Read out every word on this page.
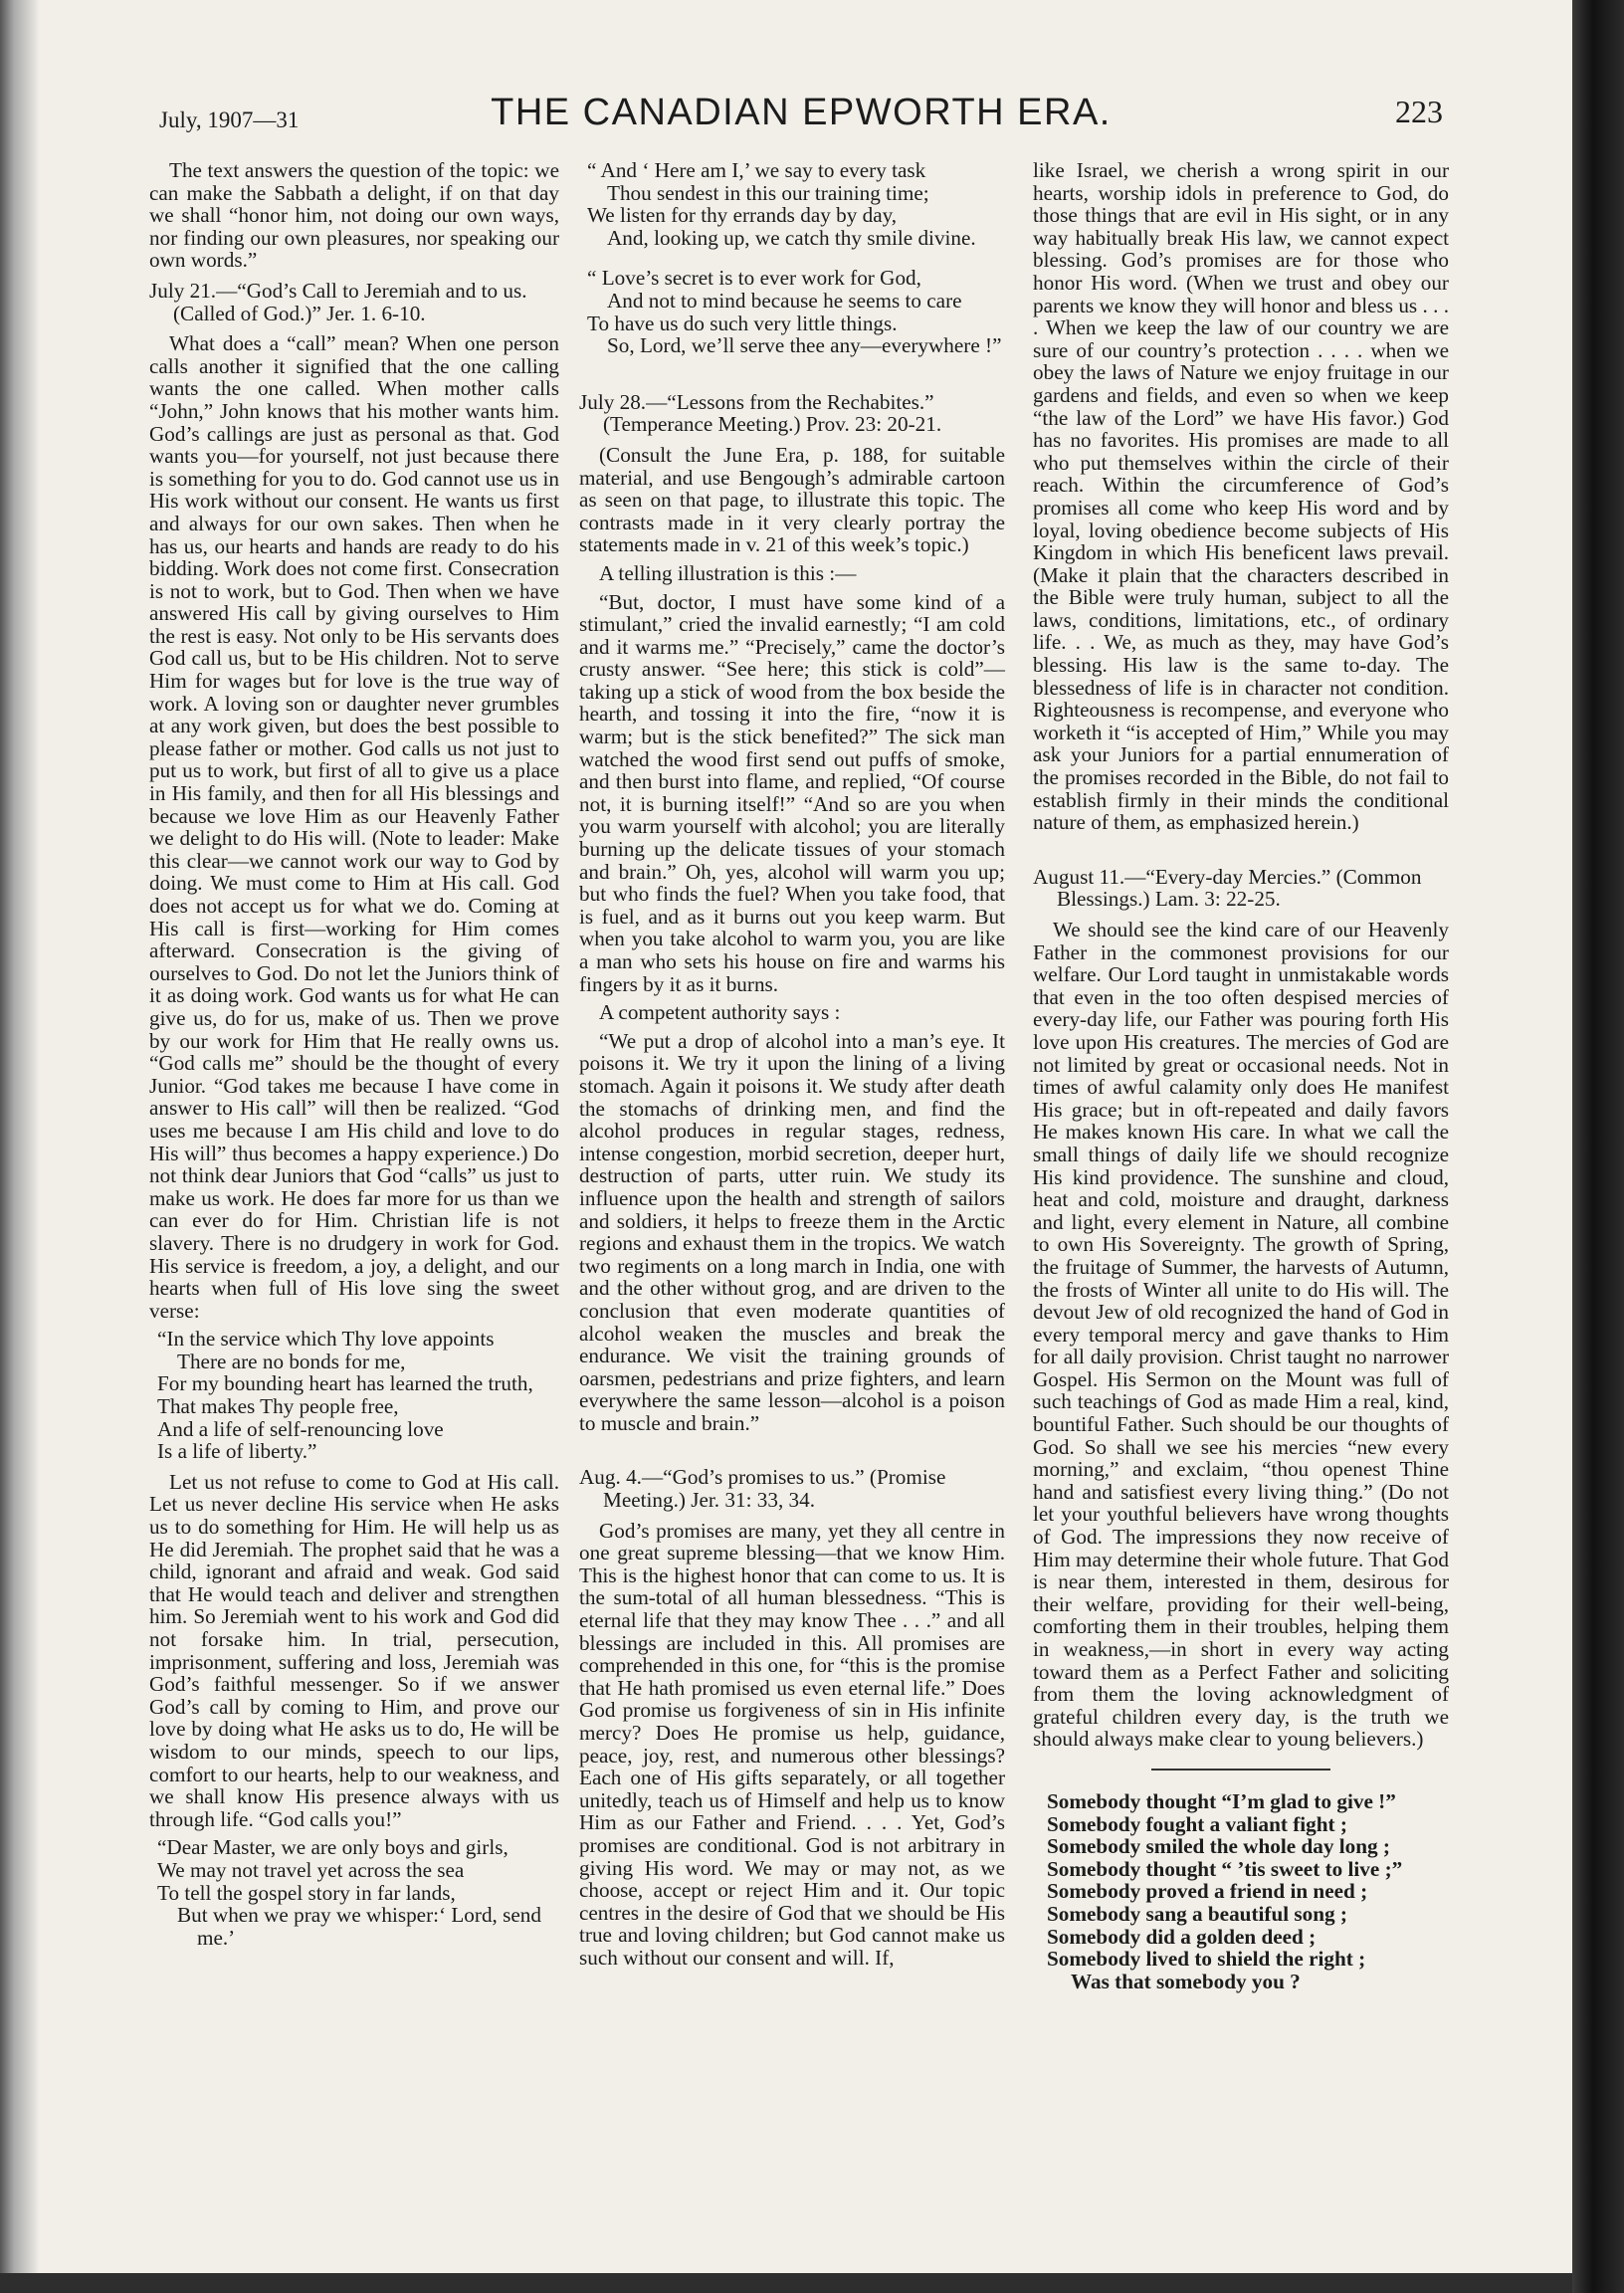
July, 1907—31	THE CANADIAN EPWORTH ERA.	223

The text answers the question of the topic: we can make the Sabbath a delight, if on that day we shall “honor him, not doing our own ways, nor finding our own pleasures, nor speaking our own words.”

July 21.—“God’s Call to Jeremiah and to us. (Called of God.)” Jer. 1. 6-10.

What does a “call” mean? When one person calls another it signified that the one calling wants the one called. When mother calls “John,” John knows that his mother wants him. God’s callings are just as personal as that. God wants you—for yourself, not just because there is something for you to do. God cannot use us in His work without our consent. He wants us first and always for our own sakes. Then when he has us, our hearts and hands are ready to do his bidding. Work does not come first. Consecration is not to work, but to God. Then when we have answered His call by giving ourselves to Him the rest is easy. Not only to be His servants does God call us, but to be His children. Not to serve Him for wages but for love is the true way of work. A loving son or daughter never grumbles at any work given, but does the best possible to please father or mother. God calls us not just to put us to work, but first of all to give us a place in His family, and then for all His blessings and because we love Him as our Heavenly Father we delight to do His will. (Note to leader: Make this clear—we cannot work our way to God by doing. We must come to Him at His call. God does not accept us for what we do. Coming at His call is first—working for Him comes afterward. Consecration is the giving of ourselves to God. Do not let the Juniors think of it as doing work. God wants us for what He can give us, do for us, make of us. Then we prove by our work for Him that He really owns us. “God calls me” should be the thought of every Junior. “God takes me because I have come in answer to His call” will then be realized. “God uses me because I am His child and love to do His will” thus becomes a happy experience.) Do not think dear Juniors that God “calls” us just to make us work. He does far more for us than we can ever do for Him. Christian life is not slavery. There is no drudgery in work for God. His service is freedom, a joy, a delight, and our hearts when full of His love sing the sweet verse:

“In the service which Thy love appoints
There are no bonds for me,
For my bounding heart has learned the truth,
That makes Thy people free,
And a life of self-renouncing love
Is a life of liberty.”

Let us not refuse to come to God at His call. Let us never decline His service when He asks us to do something for Him. He will help us as He did Jeremiah. The prophet said that he was a child, ignorant and afraid and weak. God said that He would teach and deliver and strengthen him. So Jeremiah went to his work and God did not forsake him. In trial, persecution, imprisonment, suffering and loss, Jeremiah was God’s faithful messenger. So if we answer God’s call by coming to Him, and prove our love by doing what He asks us to do, He will be wisdom to our minds, speech to our lips, comfort to our hearts, help to our weakness, and we shall know His presence always with us through life. “God calls you!”

“Dear Master, we are only boys and girls,
We may not travel yet across the sea
To tell the gospel story in far lands,
But when we pray we whisper:‘ Lord, send me.’
“ And ‘ Here am I,’ we say to every task
Thou sendest in this our training time;
We listen for thy errands day by day,
And, looking up, we catch thy smile divine.
“ Love’s secret is to ever work for God,
And not to mind because he seems to care
To have us do such very little things.
So, Lord, we’ll serve thee any—everywhere !”
July 28.—“Lessons from the Rechabites.” (Temperance Meeting.) Prov. 23: 20-21.

(Consult the June Era, p. 188, for suitable material, and use Bengough’s admirable cartoon as seen on that page, to illustrate this topic. The contrasts made in it very clearly portray the statements made in v. 21 of this week’s topic.)

A telling illustration is this :—

“But, doctor, I must have some kind of a stimulant,” cried the invalid earnestly; “I am cold and it warms me.” “Precisely,” came the doctor’s crusty answer. “See here; this stick is cold”—taking up a stick of wood from the box beside the hearth, and tossing it into the fire, “now it is warm; but is the stick benefited?” The sick man watched the wood first send out puffs of smoke, and then burst into flame, and replied, “Of course not, it is burning itself!” “And so are you when you warm yourself with alcohol; you are literally burning up the delicate tissues of your stomach and brain.” Oh, yes, alcohol will warm you up; but who finds the fuel? When you take food, that is fuel, and as it burns out you keep warm. But when you take alcohol to warm you, you are like a man who sets his house on fire and warms his fingers by it as it burns.

A competent authority says :

“We put a drop of alcohol into a man’s eye. It poisons it. We try it upon the lining of a living stomach. Again it poisons it. We study after death the stomachs of drinking men, and find the alcohol produces in regular stages, redness, intense congestion, morbid secretion, deeper hurt, destruction of parts, utter ruin. We study its influence upon the health and strength of sailors and soldiers, it helps to freeze them in the Arctic regions and exhaust them in the tropics. We watch two regiments on a long march in India, one with and the other without grog, and are driven to the conclusion that even moderate quantities of alcohol weaken the muscles and break the endurance. We visit the training grounds of oarsmen, pedestrians and prize fighters, and learn everywhere the same lesson—alcohol is a poison to muscle and brain.”

Aug. 4.—“God’s promises to us.” (Promise Meeting.) Jer. 31: 33, 34.

God’s promises are many, yet they all centre in one great supreme blessing—that we know Him. This is the highest honor that can come to us. It is the sum-total of all human blessedness. “This is eternal life that they may know Thee . . .” and all blessings are included in this. All promises are comprehended in this one, for “this is the promise that He hath promised us even eternal life.” Does God promise us forgiveness of sin in His infinite mercy? Does He promise us help, guidance, peace, joy, rest, and numerous other blessings? Each one of His gifts separately, or all together unitedly, teach us of Himself and help us to know Him as our Father and Friend. . . . Yet, God’s promises are conditional. God is not arbitrary in giving His word. We may or may not, as we choose, accept or reject Him and it. Our topic centres in the desire of God that we should be His true and loving children; but God cannot make us such without our consent and will. If,

like Israel, we cherish a wrong spirit in our hearts, worship idols in preference to God, do those things that are evil in His sight, or in any way habitually break His law, we cannot expect blessing. God’s promises are for those who honor His word. (When we trust and obey our parents we know they will honor and bless us . . . . When we keep the law of our country we are sure of our country’s protection . . . . when we obey the laws of Nature we enjoy fruitage in our gardens and fields, and even so when we keep “the law of the Lord” we have His favor.) God has no favorites. His promises are made to all who put themselves within the circle of their reach. Within the circumference of God’s promises all come who keep His word and by loyal, loving obedience become subjects of His Kingdom in which His beneficent laws prevail. (Make it plain that the characters described in the Bible were truly human, subject to all the laws, conditions, limitations, etc., of ordinary life. . . We, as much as they, may have God’s blessing. His law is the same to-day. The blessedness of life is in character not condition. Righteousness is recompense, and everyone who worketh it “is accepted of Him,” While you may ask your Juniors for a partial ennumeration of the promises recorded in the Bible, do not fail to establish firmly in their minds the conditional nature of them, as emphasized herein.)

August 11.—“Every-day Mercies.” (Common Blessings.) Lam. 3: 22-25.

We should see the kind care of our Heavenly Father in the commonest provisions for our welfare. Our Lord taught in unmistakable words that even in the too often despised mercies of every-day life, our Father was pouring forth His love upon His creatures. The mercies of God are not limited by great or occasional needs. Not in times of awful calamity only does He manifest His grace; but in oft-repeated and daily favors He makes known His care. In what we call the small things of daily life we should recognize His kind providence. The sunshine and cloud, heat and cold, moisture and draught, darkness and light, every element in Nature, all combine to own His Sovereignty. The growth of Spring, the fruitage of Summer, the harvests of Autumn, the frosts of Winter all unite to do His will. The devout Jew of old recognized the hand of God in every temporal mercy and gave thanks to Him for all daily provision. Christ taught no narrower Gospel. His Sermon on the Mount was full of such teachings of God as made Him a real, kind, bountiful Father. Such should be our thoughts of God. So shall we see his mercies “new every morning,” and exclaim, “thou openest Thine hand and satisfiest every living thing.” (Do not let your youthful believers have wrong thoughts of God. The impressions they now receive of Him may determine their whole future. That God is near them, interested in them, desirous for their welfare, providing for their well-being, comforting them in their troubles, helping them in weakness,—in short in every way acting toward them as a Perfect Father and soliciting from them the loving acknowledgment of grateful children every day, is the truth we should always make clear to young believers.)

Somebody thought “I’m glad to give !”
Somebody fought a valiant fight ;
Somebody smiled the whole day long ;
Somebody thought “ ’tis sweet to live ;”
Somebody proved a friend in need ;
Somebody sang a beautiful song ;
Somebody did a golden deed ;
Somebody lived to shield the right ;
Was that somebody you ?
